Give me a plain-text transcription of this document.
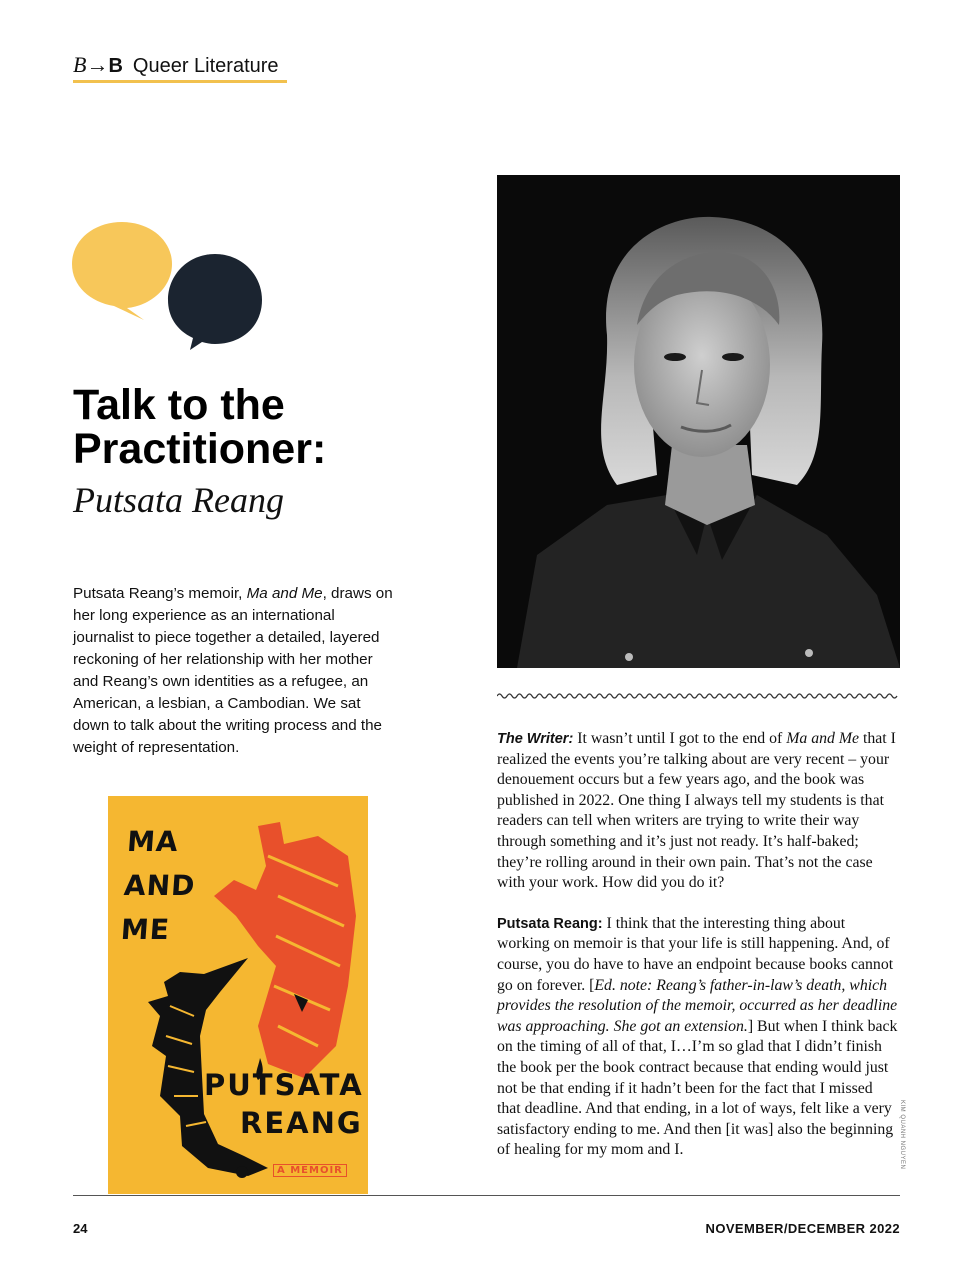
B→B Queer Literature
Talk to the
Practitioner:
Putsata Reang
Putsata Reang’s memoir, Ma and Me, draws on her long experience as an international journalist to piece together a detailed, layered reckoning of her relationship with her mother and Reang’s own identities as a refugee, an American, a lesbian, a Cambodian. We sat down to talk about the writing process and the weight of representation.
MA
AND
ME
PUTSATA
REANG
A MEMOIR

The Writer: It wasn’t until I got to the end of Ma and Me that I realized the events you’re talking about are very recent – your denouement occurs but a few years ago, and the book was published in 2022. One thing I always tell my students is that readers can tell when writers are trying to write their way through something and it’s just not ready. It’s half-baked; they’re rolling around in their own pain. That’s not the case with your work. How did you do it?

Putsata Reang: I think that the interesting thing about working on memoir is that your life is still happening. And, of course, you do have to have an endpoint because books cannot go on forever. [Ed. note: Reang’s father-in-law’s death, which provides the resolution of the memoir, occurred as her deadline was approaching. She got an extension.] But when I think back on the timing of all of that, I…I’m so glad that I didn’t finish the book per the book contract because that ending would just not be that ending if it hadn’t been for the fact that I missed that deadline. And that ending, in a lot of ways, felt like a very satisfactory ending to me. And then [it was] also the beginning of healing for my mom and I.	KIM QUANH NGUYEN
24	NOVEMBER/DECEMBER 2022
